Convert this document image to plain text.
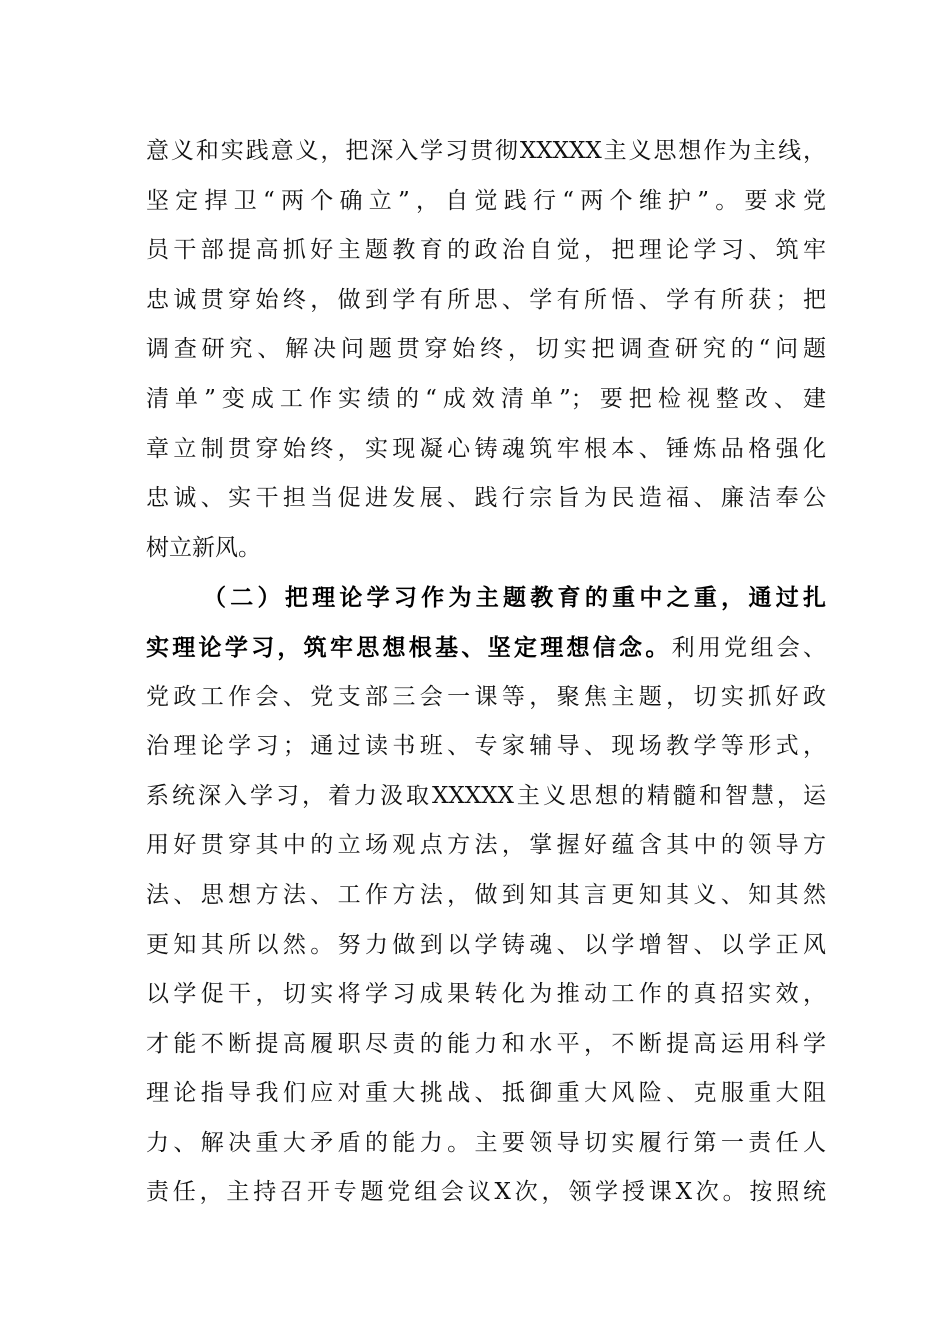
意义和实践意义，把深入学习贯彻XXXXX主义思想作为主线，
坚定捍卫“两个确立”，自觉践行“两个维护”。要求党
员干部提高抓好主题教育的政治自觉，把理论学习、筑牢
忠诚贯穿始终，做到学有所思、学有所悟、学有所获；把
调查研究、解决问题贯穿始终，切实把调查研究的“问题
清单”变成工作实绩的“成效清单”；要把检视整改、建
章立制贯穿始终，实现凝心铸魂筑牢根本、锤炼品格强化
忠诚、实干担当促进发展、践行宗旨为民造福、廉洁奉公
树立新风。
（二）把理论学习作为主题教育的重中之重，通过扎
实理论学习，筑牢思想根基、坚定理想信念。利用党组会、
党政工作会、党支部三会一课等，聚焦主题，切实抓好政
治理论学习；通过读书班、专家辅导、现场教学等形式，
系统深入学习，着力汲取XXXXX主义思想的精髓和智慧，运
用好贯穿其中的立场观点方法，掌握好蕴含其中的领导方
法、思想方法、工作方法，做到知其言更知其义、知其然
更知其所以然。努力做到以学铸魂、以学增智、以学正风
以学促干，切实将学习成果转化为推动工作的真招实效，
才能不断提高履职尽责的能力和水平，不断提高运用科学
理论指导我们应对重大挑战、抵御重大风险、克服重大阻
力、解决重大矛盾的能力。主要领导切实履行第一责任人
责任，主持召开专题党组会议X次，领学授课X次。按照统
